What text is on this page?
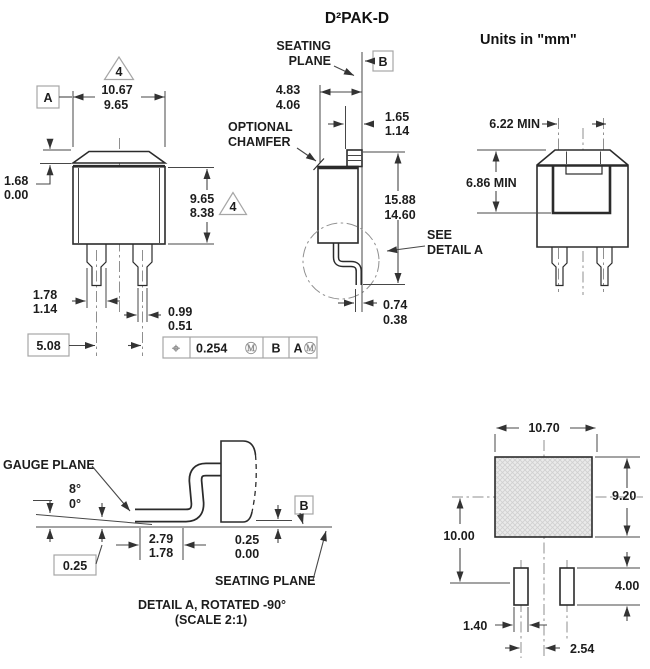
D²PAK-D
Units in "mm"
A
4
10.67
9.65
1.68
0.00	9.65
8.38 4
1.78
1.14	0.99
0.51
5.08	⌖ 0.254 Ⓜ B A Ⓜ
SEATING
PLANE	B
4.83
4.06
1.65
1.14
OPTIONAL
CHAMFER
15.88
14.60
SEE
DETAIL A
0.74
0.38
6.22 MIN
6.86 MIN
GAUGE PLANE
8°
0°
0.25
2.79
1.78
0.25
0.00
B
SEATING PLANE
DETAIL A, ROTATED -90°
(SCALE 2:1)
10.70
9.20
10.00
4.00
1.40
2.54
